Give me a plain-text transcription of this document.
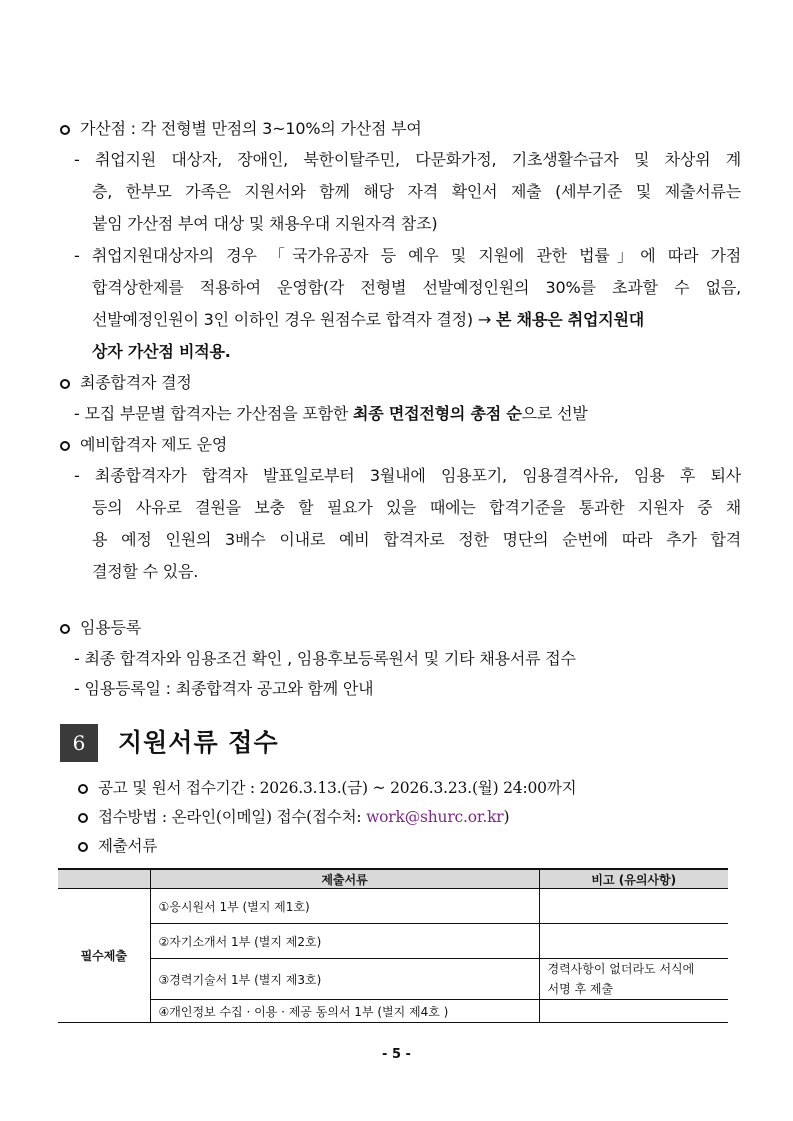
가산점 : 각 전형별 만점의 3~10%의 가산점 부여
- 취업지원 대상자, 장애인, 북한이탈주민, 다문화가정, 기초생활수급자 및 차상위 계
층, 한부모 가족은 지원서와 함께 해당 자격 확인서 제출 (세부기준 및 제출서류는
붙임 가산점 부여 대상 및 채용우대 지원자격 참조)
- 취업지원대상자의 경우 「국가유공자 등 예우 및 지원에 관한 법률」에 따라 가점
합격상한제를 적용하여 운영함(각 전형별 선발예정인원의 30%를 초과할 수 없음,
선발예정인원이 3인 이하인 경우 원점수로 합격자 결정) → 본 채용은 취업지원대
상자 가산점 비적용.
최종합격자 결정
- 모집 부문별 합격자는 가산점을 포함한 최종 면접전형의 총점 순으로 선발
예비합격자 제도 운영
- 최종합격자가 합격자 발표일로부터 3월내에 임용포기, 임용결격사유, 임용 후 퇴사
등의 사유로 결원을 보충 할 필요가 있을 때에는 합격기준을 통과한 지원자 중 채
용 예정 인원의 3배수 이내로 예비 합격자로 정한 명단의 순번에 따라 추가 합격
결정할 수 있음.
임용등록
- 최종 합격자와 임용조건 확인 , 임용후보등록원서 및 기타 채용서류 접수
- 임용등록일 : 최종합격자 공고와 함께 안내
6	지원서류 접수
공고 및 원서 접수기간 : 2026.3.13.(금) ~ 2026.3.23.(월) 24:00까지
접수방법 : 온라인(이메일) 접수(접수처: work@shurc.or.kr)
제출서류
	제출서류	비고 (유의사항)
필수제출	①응시원서 1부 (별지 제1호)	
	②자기소개서 1부 (별지 제2호)	
	③경력기술서 1부 (별지 제3호)	경력사항이 없더라도 서식에
서명 후 제출

	④개인정보 수집 · 이용 · 제공 동의서 1부 (별지 제4호 )	
- 5 -
